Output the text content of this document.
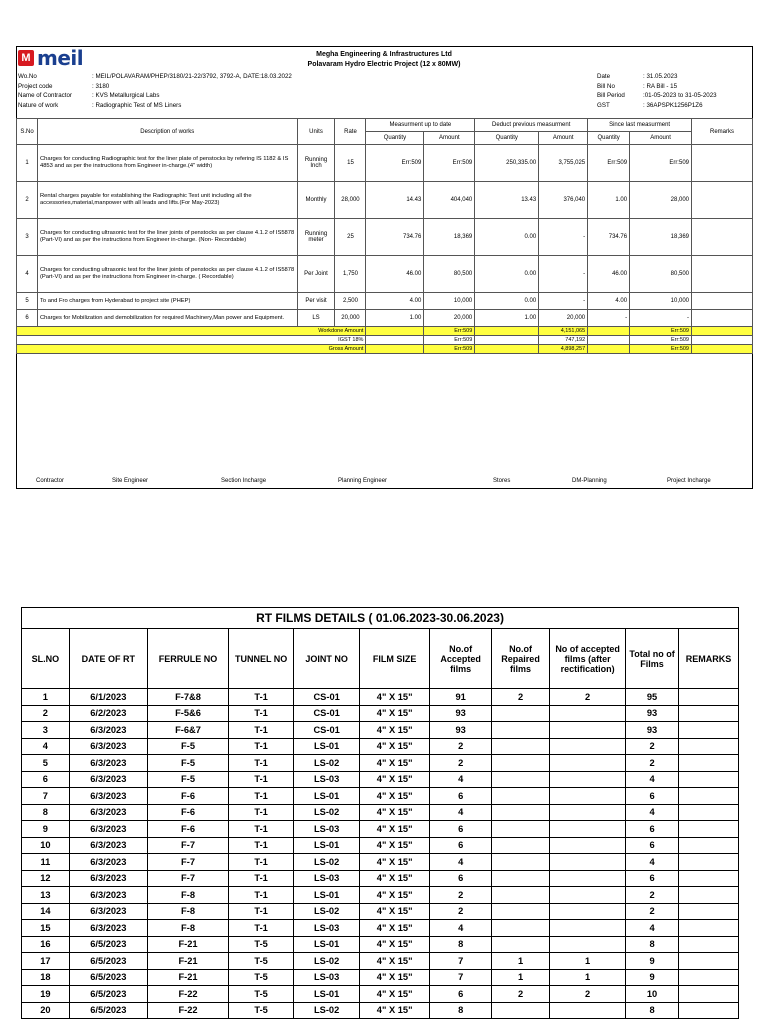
M meil	Megha Engineering & Infrastructures Ltd
Polavaram Hydro Electric Project (12 x 80MW)
Wo.No	: MEIL/POLAVARAM/PHEP/3180/21-22/3792, 3792-A, DATE:18.03.2022
Project code	: 3180
Name of Contractor	: KVS Metallurgical Labs
Nature of work	: Radiographic Test of MS Liners
Date	: 31.05.2023
Bill No	: RA Bill - 15
Bill Period	:01-05-2023 to 31-05-2023
GST	: 36APSPK1256P1Z6
S.No	Description of works	Units	Rate	Measurment up to date		Deduct previous measurment		Since last measurment		Remarks
				Quantity	Amount	Quantity	Amount	Quantity	Amount	
1	Charges for conducting Radiographic test for the liner plate of penstocks by refering IS 1182 & IS 4853 and as per the instructions from Engineer in-charge.(4" width)	Running Inch	15	Err:509	Err:509	250,335.00	3,755,025	Err:509	Err:509	
2	Rental charges payable for establishing the Radiographic Test unit including all the accessories,material,manpower with all leads and lifts.(For May-2023)	Monthly	28,000	14.43	404,040	13.43	376,040	1.00	28,000	
3	Charges for conducting ultrasonic test for the liner joints of penstocks as per clause 4.1.2 of IS5878 (Part-VI) and as per the instructions from Engineer in-charge. (Non- Recordable)	Running meter	25	734.76	18,369	0.00	-	734.76	18,369	
4	Charges for conducting ultrasonic test for the liner joints of penstocks as per clause 4.1.2 of IS5878 (Part-VI) and as per the instructions from Engineer in-charge. ( Recordable)	Per Joint	1,750	46.00	80,500	0.00	-	46.00	80,500	
5	To and Fro charges from Hyderabad to project site (PHEP)	Per visit	2,500	4.00	10,000	0.00	-	4.00	10,000	
6	Charges for Mobilization and demobilization for required Machinery,Man power and Equipment.	LS	20,000	1.00	20,000	1.00	20,000	-	-	
Workdone Amount					Err:509		4,151,065		Err:509	
IGST 18%					Err:509		747,192		Err:509	
Gross Amount					Err:509		4,898,257		Err:509	
Contractor	Site Engineer	Section Incharge	Planning Engineer	Stores	DM-Planning	Project Incharge
RT FILMS DETAILS ( 01.06.2023-30.06.2023)										
SL.NO	DATE OF RT	FERRULE NO	TUNNEL NO	JOINT NO	FILM SIZE	No.of Accepted films	No.of Repaired films	No of accepted films (after rectification)	Total no of Films	REMARKS
1	6/1/2023	F-7&8	T-1	CS-01	4" X 15"	91	2	2	95	
2	6/2/2023	F-5&6	T-1	CS-01	4" X 15"	93			93	
3	6/3/2023	F-6&7	T-1	CS-01	4" X 15"	93			93	
4	6/3/2023	F-5	T-1	LS-01	4" X 15"	2			2	
5	6/3/2023	F-5	T-1	LS-02	4" X 15"	2			2	
6	6/3/2023	F-5	T-1	LS-03	4" X 15"	4			4	
7	6/3/2023	F-6	T-1	LS-01	4" X 15"	6			6	
8	6/3/2023	F-6	T-1	LS-02	4" X 15"	4			4	
9	6/3/2023	F-6	T-1	LS-03	4" X 15"	6			6	
10	6/3/2023	F-7	T-1	LS-01	4" X 15"	6			6	
11	6/3/2023	F-7	T-1	LS-02	4" X 15"	4			4	
12	6/3/2023	F-7	T-1	LS-03	4" X 15"	6			6	
13	6/3/2023	F-8	T-1	LS-01	4" X 15"	2			2	
14	6/3/2023	F-8	T-1	LS-02	4" X 15"	2			2	
15	6/3/2023	F-8	T-1	LS-03	4" X 15"	4			4	
16	6/5/2023	F-21	T-5	LS-01	4" X 15"	8			8	
17	6/5/2023	F-21	T-5	LS-02	4" X 15"	7	1	1	9	
18	6/5/2023	F-21	T-5	LS-03	4" X 15"	7	1	1	9	
19	6/5/2023	F-22	T-5	LS-01	4" X 15"	6	2	2	10	
20	6/5/2023	F-22	T-5	LS-02	4" X 15"	8			8	
